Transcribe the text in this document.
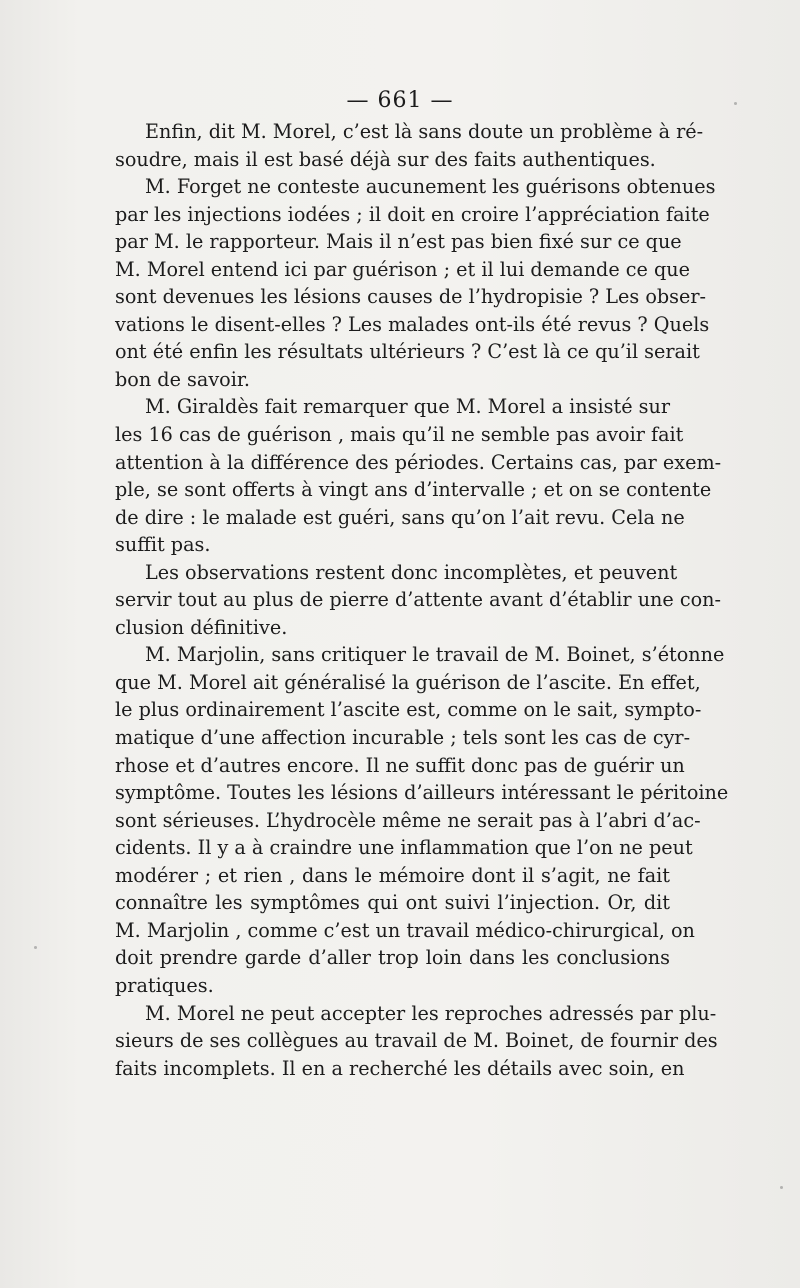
— 661 —
Enfin, dit M. Morel, c’est là sans doute un problème à ré-
soudre, mais il est basé déjà sur des faits authentiques.
M. Forget ne conteste aucunement les guérisons obtenues
par les injections iodées ; il doit en croire l’appréciation faite
par M. le rapporteur. Mais il n’est pas bien fixé sur ce que
M. Morel entend ici par guérison ; et il lui demande ce que
sont devenues les lésions causes de l’hydropisie ? Les obser-
vations le disent-elles ? Les malades ont-ils été revus ? Quels
ont été enfin les résultats ultérieurs ? C’est là ce qu’il serait
bon de savoir.
M. Giraldès fait remarquer que M. Morel a insisté sur
les 16 cas de guérison , mais qu’il ne semble pas avoir fait
attention à la différence des périodes. Certains cas, par exem-
ple, se sont offerts à vingt ans d’intervalle ; et on se contente
de dire : le malade est guéri, sans qu’on l’ait revu. Cela ne
suffit pas.
Les observations restent donc incomplètes, et peuvent
servir tout au plus de pierre d’attente avant d’établir une con-
clusion définitive.
M. Marjolin, sans critiquer le travail de M. Boinet, s’étonne
que M. Morel ait généralisé la guérison de l’ascite. En effet,
le plus ordinairement l’ascite est, comme on le sait, sympto-
matique d’une affection incurable ; tels sont les cas de cyr-
rhose et d’autres encore. Il ne suffit donc pas de guérir un
symptôme. Toutes les lésions d’ailleurs intéressant le péritoine
sont sérieuses. L’hydrocèle même ne serait pas à l’abri d’ac-
cidents. Il y a à craindre une inflammation que l’on ne peut
modérer ; et rien , dans le mémoire dont il s’agit, ne fait
connaître les symptômes qui ont suivi l’injection. Or, dit
M. Marjolin , comme c’est un travail médico-chirurgical, on
doit prendre garde d’aller trop loin dans les conclusions
pratiques.
M. Morel ne peut accepter les reproches adressés par plu-
sieurs de ses collègues au travail de M. Boinet, de fournir des
faits incomplets. Il en a recherché les détails avec soin, en
